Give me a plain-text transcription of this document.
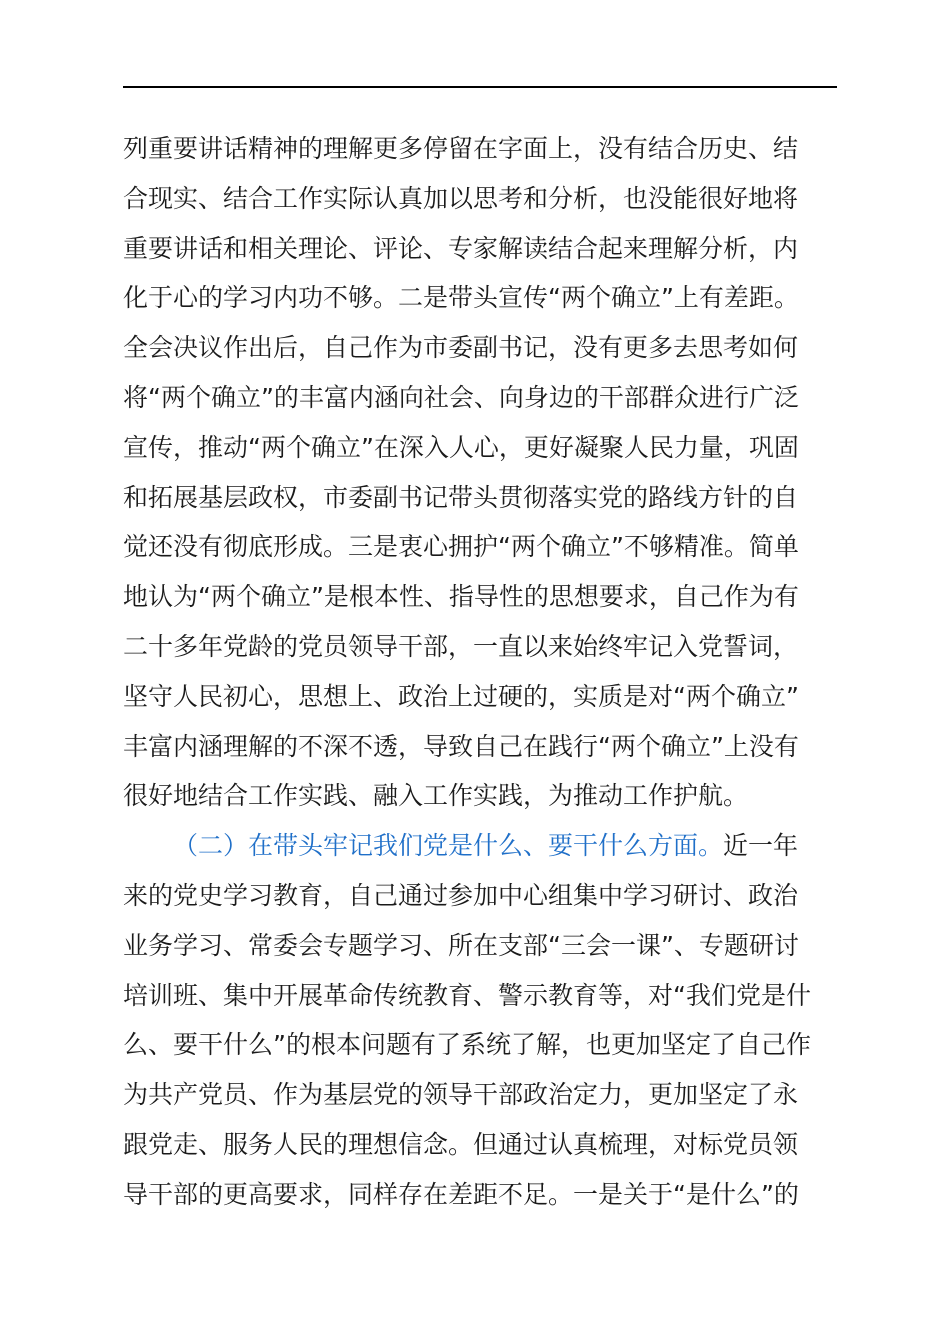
列重要讲话精神的理解更多停留在字面上，没有结合历史、结
合现实、结合工作实际认真加以思考和分析，也没能很好地将
重要讲话和相关理论、评论、专家解读结合起来理解分析，内
化于心的学习内功不够。二是带头宣传“两个确立”上有差距。
全会决议作出后，自己作为市委副书记，没有更多去思考如何
将“两个确立”的丰富内涵向社会、向身边的干部群众进行广泛
宣传，推动“两个确立”在深入人心，更好凝聚人民力量，巩固
和拓展基层政权，市委副书记带头贯彻落实党的路线方针的自
觉还没有彻底形成。三是衷心拥护“两个确立”不够精准。简单
地认为“两个确立”是根本性、指导性的思想要求，自己作为有
二十多年党龄的党员领导干部，一直以来始终牢记入党誓词，
坚守人民初心，思想上、政治上过硬的，实质是对“两个确立”
丰富内涵理解的不深不透，导致自己在践行“两个确立”上没有
很好地结合工作实践、融入工作实践，为推动工作护航。
（二）在带头牢记我们党是什么、要干什么方面。近一年
来的党史学习教育，自己通过参加中心组集中学习研讨、政治
业务学习、常委会专题学习、所在支部“三会一课”、专题研讨
培训班、集中开展革命传统教育、警示教育等，对“我们党是什
么、要干什么”的根本问题有了系统了解，也更加坚定了自己作
为共产党员、作为基层党的领导干部政治定力，更加坚定了永
跟党走、服务人民的理想信念。但通过认真梳理，对标党员领
导干部的更高要求，同样存在差距不足。一是关于“是什么”的
